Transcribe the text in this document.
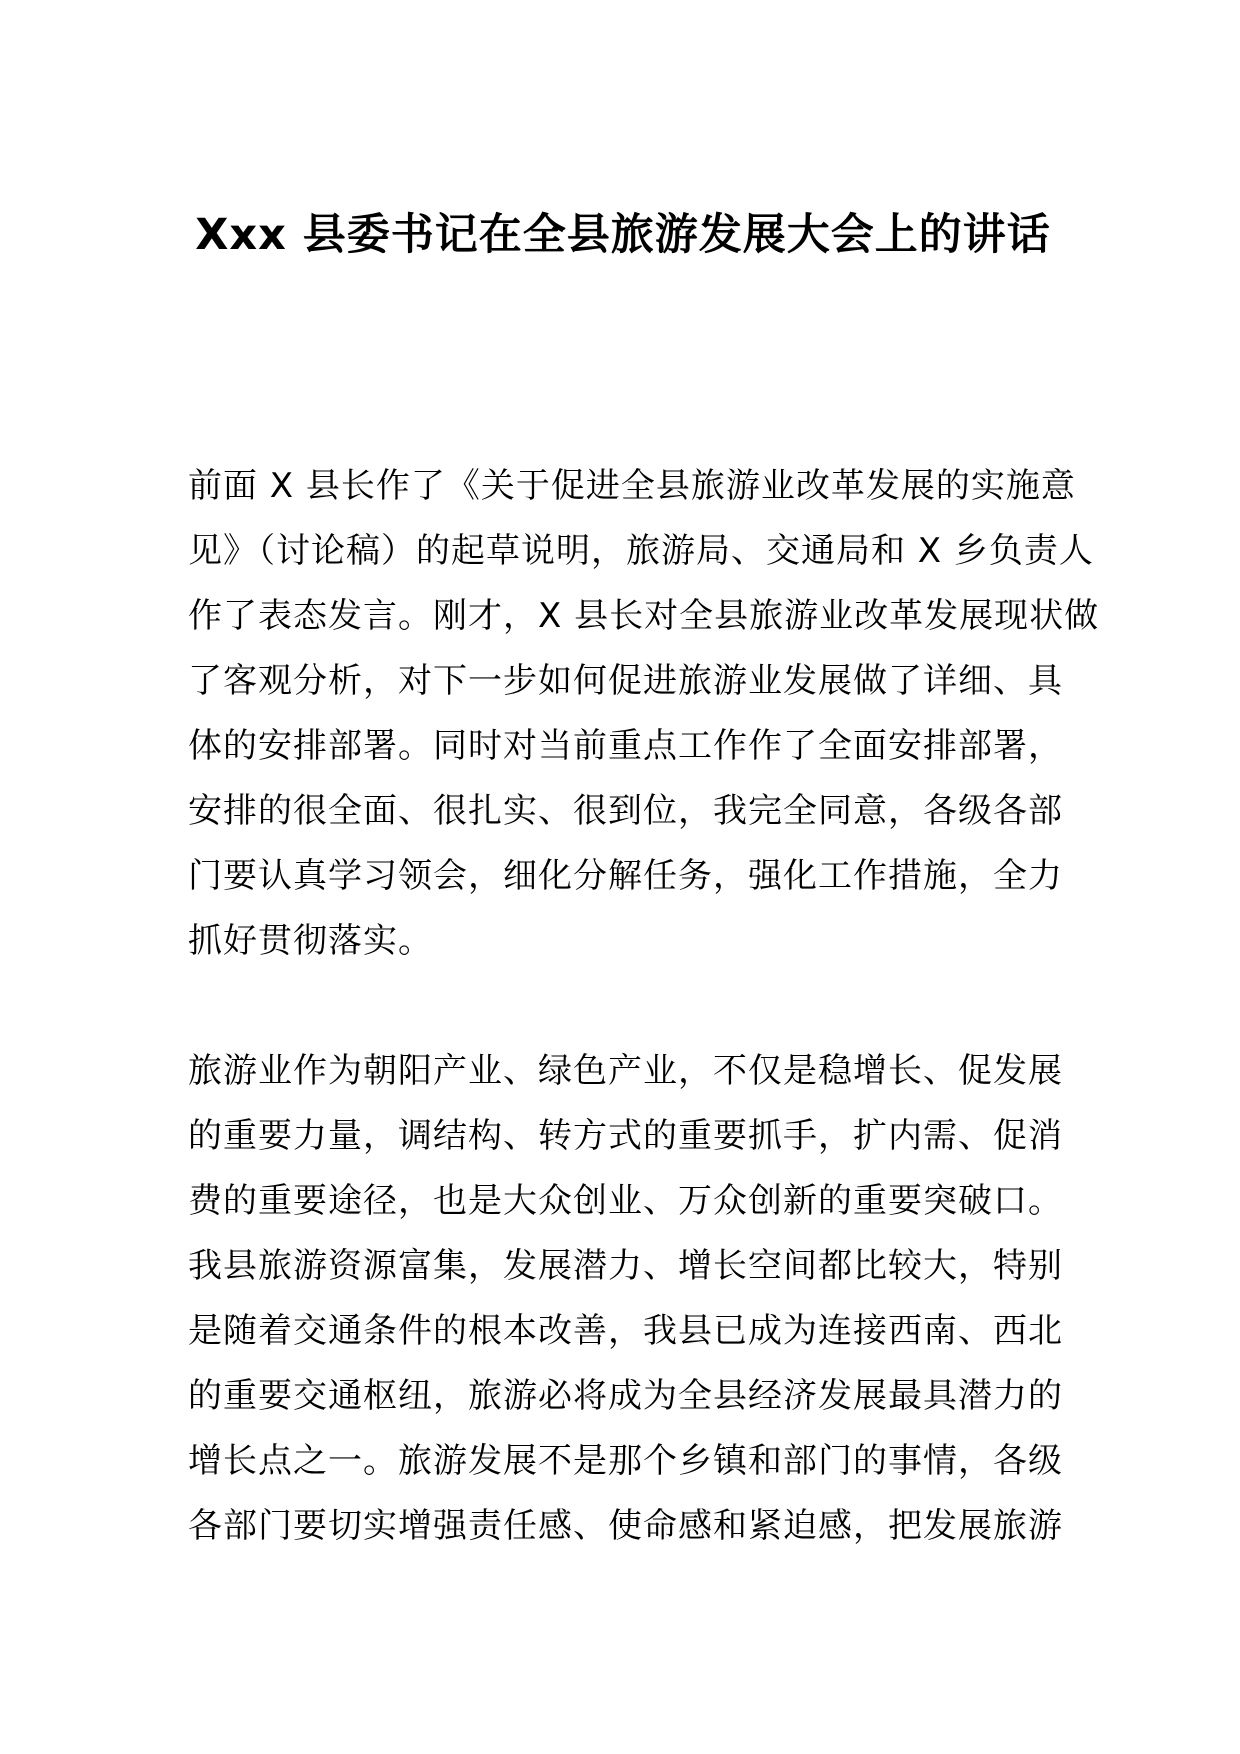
Xxx 县委书记在全县旅游发展大会上的讲话
前面 X 县长作了《关于促进全县旅游业改革发展的实施意
见》（讨论稿）的起草说明，旅游局、交通局和 X 乡负责人
作了表态发言。刚才，X 县长对全县旅游业改革发展现状做
了客观分析，对下一步如何促进旅游业发展做了详细、具
体的安排部署。同时对当前重点工作作了全面安排部署，
安排的很全面、很扎实、很到位，我完全同意，各级各部
门要认真学习领会，细化分解任务，强化工作措施，全力
抓好贯彻落实。
旅游业作为朝阳产业、绿色产业，不仅是稳增长、促发展
的重要力量，调结构、转方式的重要抓手，扩内需、促消
费的重要途径，也是大众创业、万众创新的重要突破口。
我县旅游资源富集，发展潜力、增长空间都比较大，特别
是随着交通条件的根本改善，我县已成为连接西南、西北
的重要交通枢纽，旅游必将成为全县经济发展最具潜力的
增长点之一。旅游发展不是那个乡镇和部门的事情，各级
各部门要切实增强责任感、使命感和紧迫感，把发展旅游
